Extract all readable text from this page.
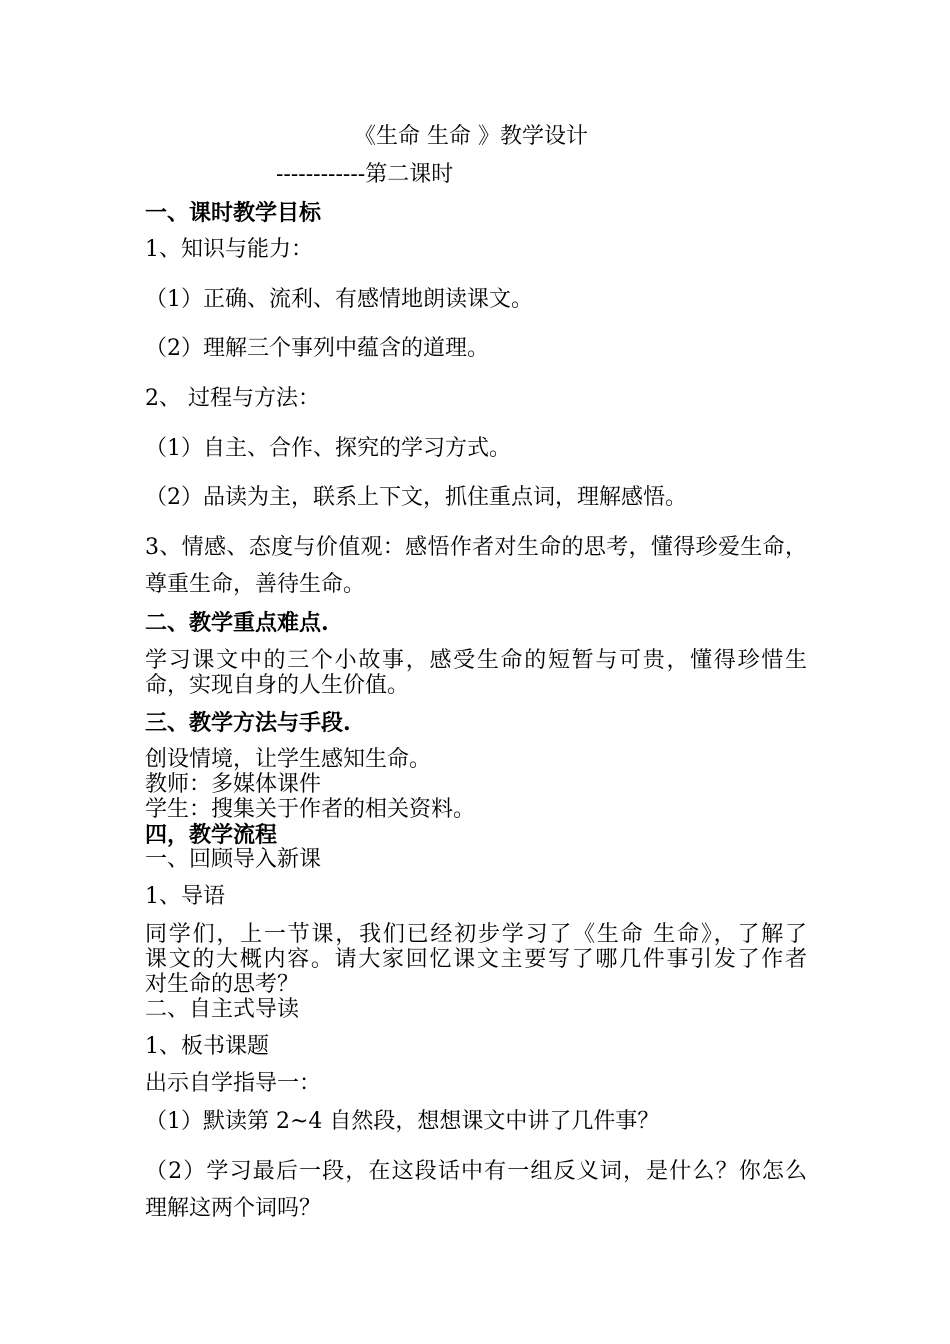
《生命 生命 》教学设计
------------第二课时
一、课时教学目标
1、知识与能力：
（1）正确、流利、有感情地朗读课文。
（2）理解三个事列中蕴含的道理。
2、 过程与方法：
（1）自主、合作、探究的学习方式。
（2）品读为主，联系上下文，抓住重点词，理解感悟。
3、情感、态度与价值观：感悟作者对生命的思考，懂得珍爱生命，
尊重生命，善待生命。
二、教学重点难点.
学习课文中的三个小故事，感受生命的短暂与可贵，懂得珍惜生
命，实现自身的人生价值。
三、教学方法与手段.
创设情境，让学生感知生命。
教师：多媒体课件
学生：搜集关于作者的相关资料。
四，教学流程
一、回顾导入新课
1、导语
同学们，上一节课，我们已经初步学习了《生命 生命》，了解了
课文的大概内容。请大家回忆课文主要写了哪几件事引发了作者
对生命的思考？
二、自主式导读
1、板书课题
出示自学指导一：
（1）默读第 2~4 自然段，想想课文中讲了几件事？
（2）学习最后一段，在这段话中有一组反义词，是什么？你怎么
理解这两个词吗？
